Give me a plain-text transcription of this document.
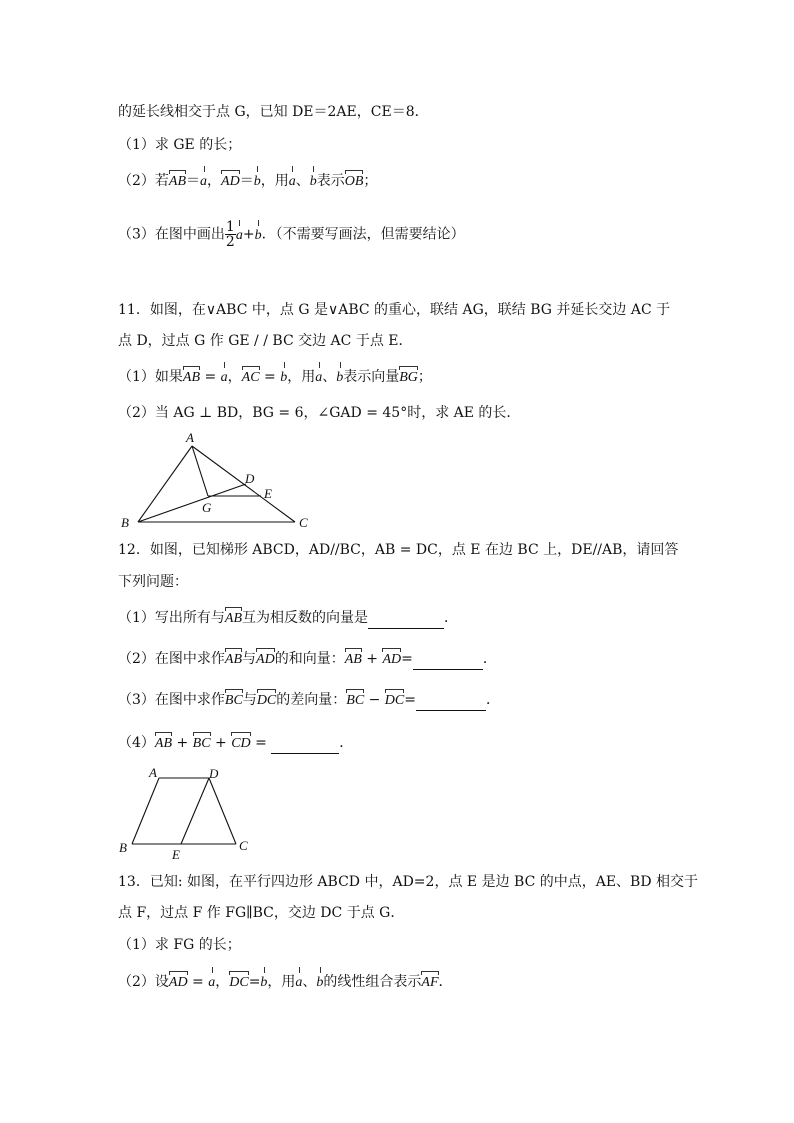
的延长线相交于点 G，已知 DE＝2AE，CE＝8．
（1）求 GE 的长；
（2）若AB＝a，AD＝b，用a、b表示OB；
（3）在图中画出 $\frac{1}{2} a+b$．（不需要写画法，但需要结论）
11．如图，在∨ABC 中，点 G 是∨ABC 的重心，联结 AG，联结 BG 并延长交边 AC 于
点 D，过点 G 作 GE / / BC 交边 AC 于点 E．
（1）如果AB = a，AC = b，用a、b表示向量BG；
（2）当 AG ⊥ BD，BG = 6，∠GAD = 45°时，求 AE 的长．
A
B	C
D
E
G
12．如图，已知梯形 ABCD，AD//BC，AB = DC，点 E 在边 BC 上，DE//AB，请回答
下列问题：
（1）写出所有与AB互为相反数的向量是	．
（2）在图中求作AB与AD的和向量：AB + AD=	．
（3）在图中求作BC与DC的差向量：BC − DC=	．
（4）AB + BC + CD =	．
A	D
B	C
E
13．已知: 如图，在平行四边形 ABCD 中，AD=2，点 E 是边 BC 的中点，AE、BD 相交于
点 F，过点 F 作 FG∥BC，交边 DC 于点 G．
（1）求 FG 的长；
（2）设AD = a，DC=b，用a、b的线性组合表示AF．
